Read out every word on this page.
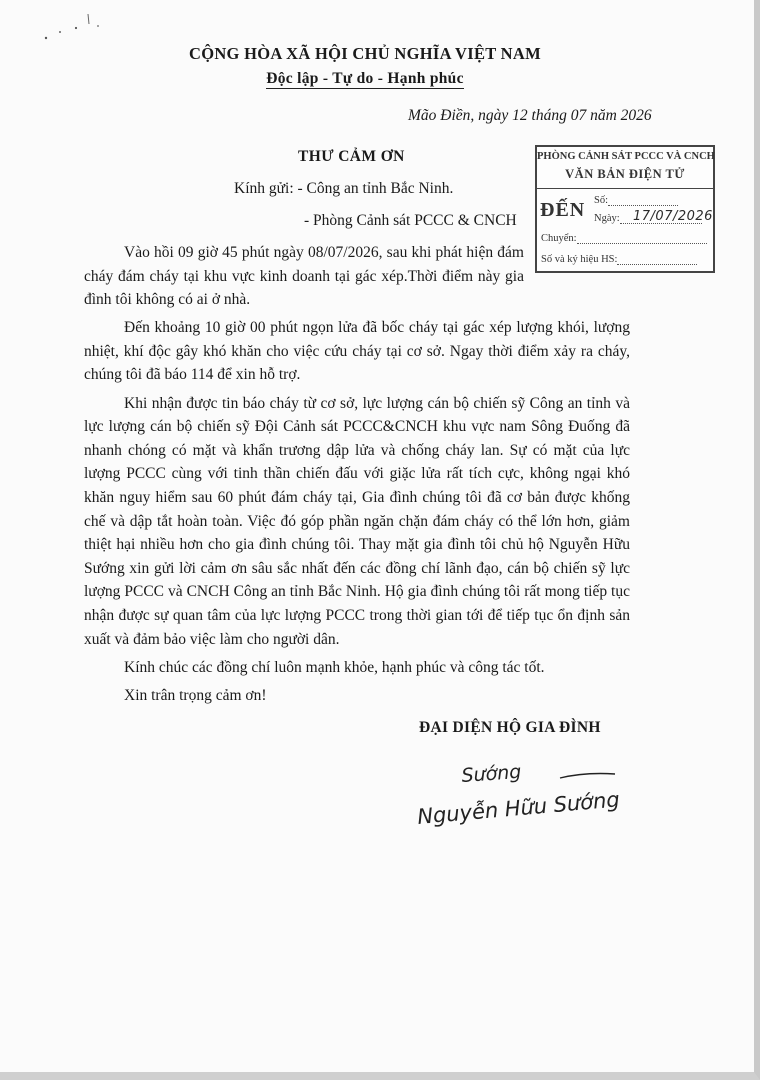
CỘNG HÒA XÃ HỘI CHỦ NGHĨA VIỆT NAM
Độc lập - Tự do - Hạnh phúc
Mão Điền, ngày 12 tháng 07 năm 2026
THƯ CẢM ƠN
Kính gửi: - Công an tỉnh Bắc Ninh.
- Phòng Cảnh sát PCCC & CNCH
PHÒNG CẢNH SÁT PCCC VÀ CNCH
VĂN BẢN ĐIỆN TỬ
ĐẾN Số:
Ngày:	17/07/2026
Chuyển:
Số và ký hiệu HS:

Vào hồi 09 giờ 45 phút ngày 08/07/2026, sau khi phát hiện đám cháy đám cháy tại khu vực kinh doanh tại gác xép.Thời điểm này gia đình tôi không có ai ở nhà.

Đến khoảng 10 giờ 00 phút ngọn lửa đã bốc cháy tại gác xép lượng khói, lượng nhiệt, khí độc gây khó khăn cho việc cứu cháy tại cơ sở. Ngay thời điểm xảy ra cháy, chúng tôi đã báo 114 để xin hỗ trợ.

Khi nhận được tin báo cháy từ cơ sở, lực lượng cán bộ chiến sỹ Công an tỉnh và lực lượng cán bộ chiến sỹ Đội Cảnh sát PCCC&CNCH khu vực nam Sông Đuống đã nhanh chóng có mặt và khẩn trương dập lửa và chống cháy lan. Sự có mặt của lực lượng PCCC cùng với tinh thần chiến đấu với giặc lửa rất tích cực, không ngại khó khăn nguy hiểm sau 60 phút đám cháy tại, Gia đình chúng tôi đã cơ bản được khống chế và dập tắt hoàn toàn. Việc đó góp phần ngăn chặn đám cháy có thể lớn hơn, giảm thiệt hại nhiều hơn cho gia đình chúng tôi. Thay mặt gia đình tôi chủ hộ Nguyễn Hữu Sướng xin gửi lời cảm ơn sâu sắc nhất đến các đồng chí lãnh đạo, cán bộ chiến sỹ lực lượng PCCC và CNCH Công an tỉnh Bắc Ninh. Hộ gia đình chúng tôi rất mong tiếp tục nhận được sự quan tâm của lực lượng PCCC trong thời gian tới để tiếp tục ổn định sản xuất và đảm bảo việc làm cho người dân.

Kính chúc các đồng chí luôn mạnh khỏe, hạnh phúc và công tác tốt.

Xin trân trọng cảm ơn!

ĐẠI DIỆN HỘ GIA ĐÌNH
Sướng
Nguyễn Hữu Sướng
